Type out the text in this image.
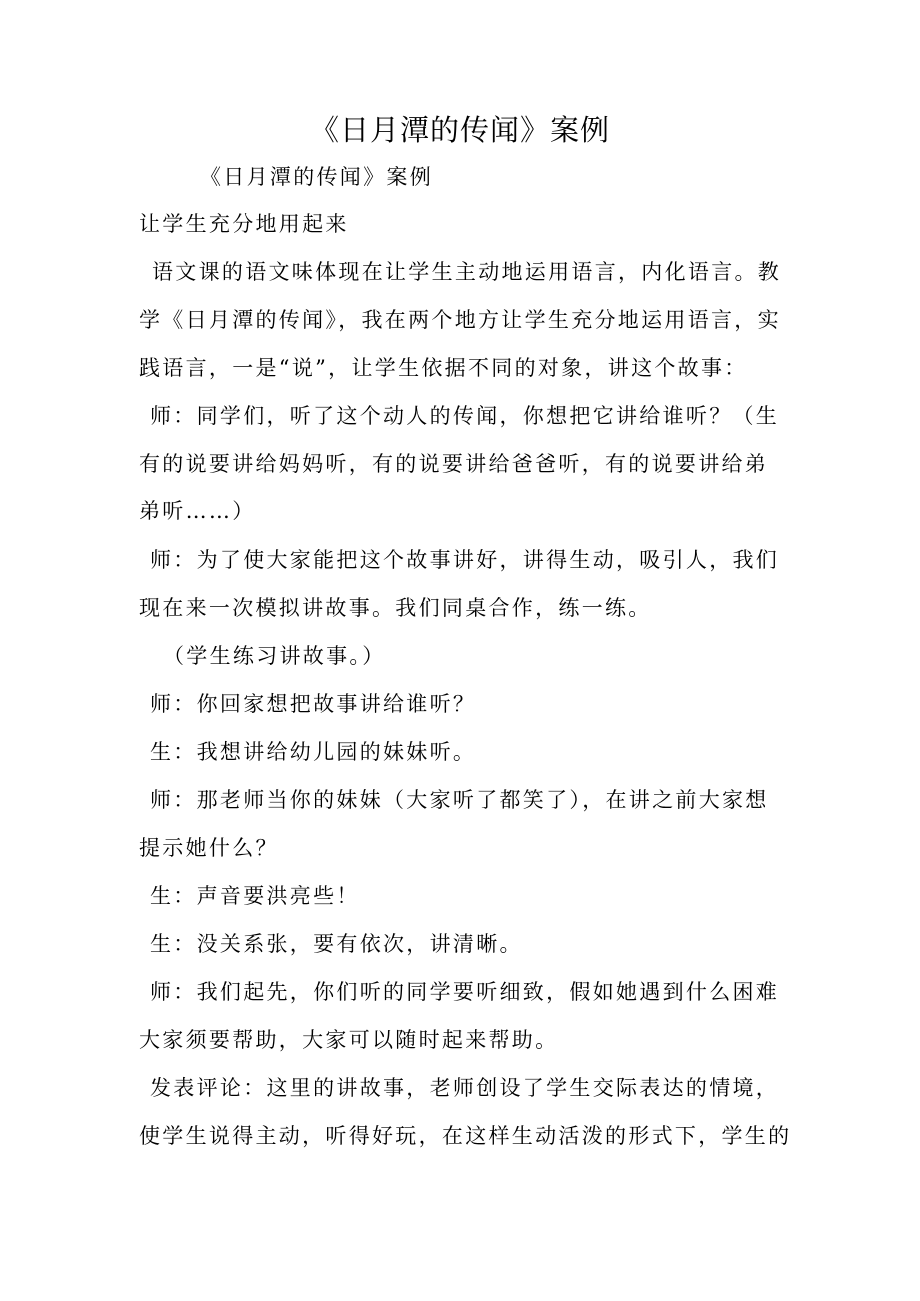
《日月潭的传闻》案例
《日月潭的传闻》案例
让学生充分地用起来
语文课的语文味体现在让学生主动地运用语言，内化语言。教
学《日月潭的传闻》，我在两个地方让学生充分地运用语言，实
践语言，一是“说”，让学生依据不同的对象，讲这个故事：
师：同学们，听了这个动人的传闻，你想把它讲给谁听？（生
有的说要讲给妈妈听，有的说要讲给爸爸听，有的说要讲给弟
弟听……）
师：为了使大家能把这个故事讲好，讲得生动，吸引人，我们
现在来一次模拟讲故事。我们同桌合作，练一练。
（学生练习讲故事。）
师：你回家想把故事讲给谁听？
生：我想讲给幼儿园的妹妹听。
师：那老师当你的妹妹（大家听了都笑了），在讲之前大家想
提示她什么？
生：声音要洪亮些！
生：没关系张，要有依次，讲清晰。
师：我们起先，你们听的同学要听细致，假如她遇到什么困难
大家须要帮助，大家可以随时起来帮助。
发表评论：这里的讲故事，老师创设了学生交际表达的情境，
使学生说得主动，听得好玩，在这样生动活泼的形式下，学生的
